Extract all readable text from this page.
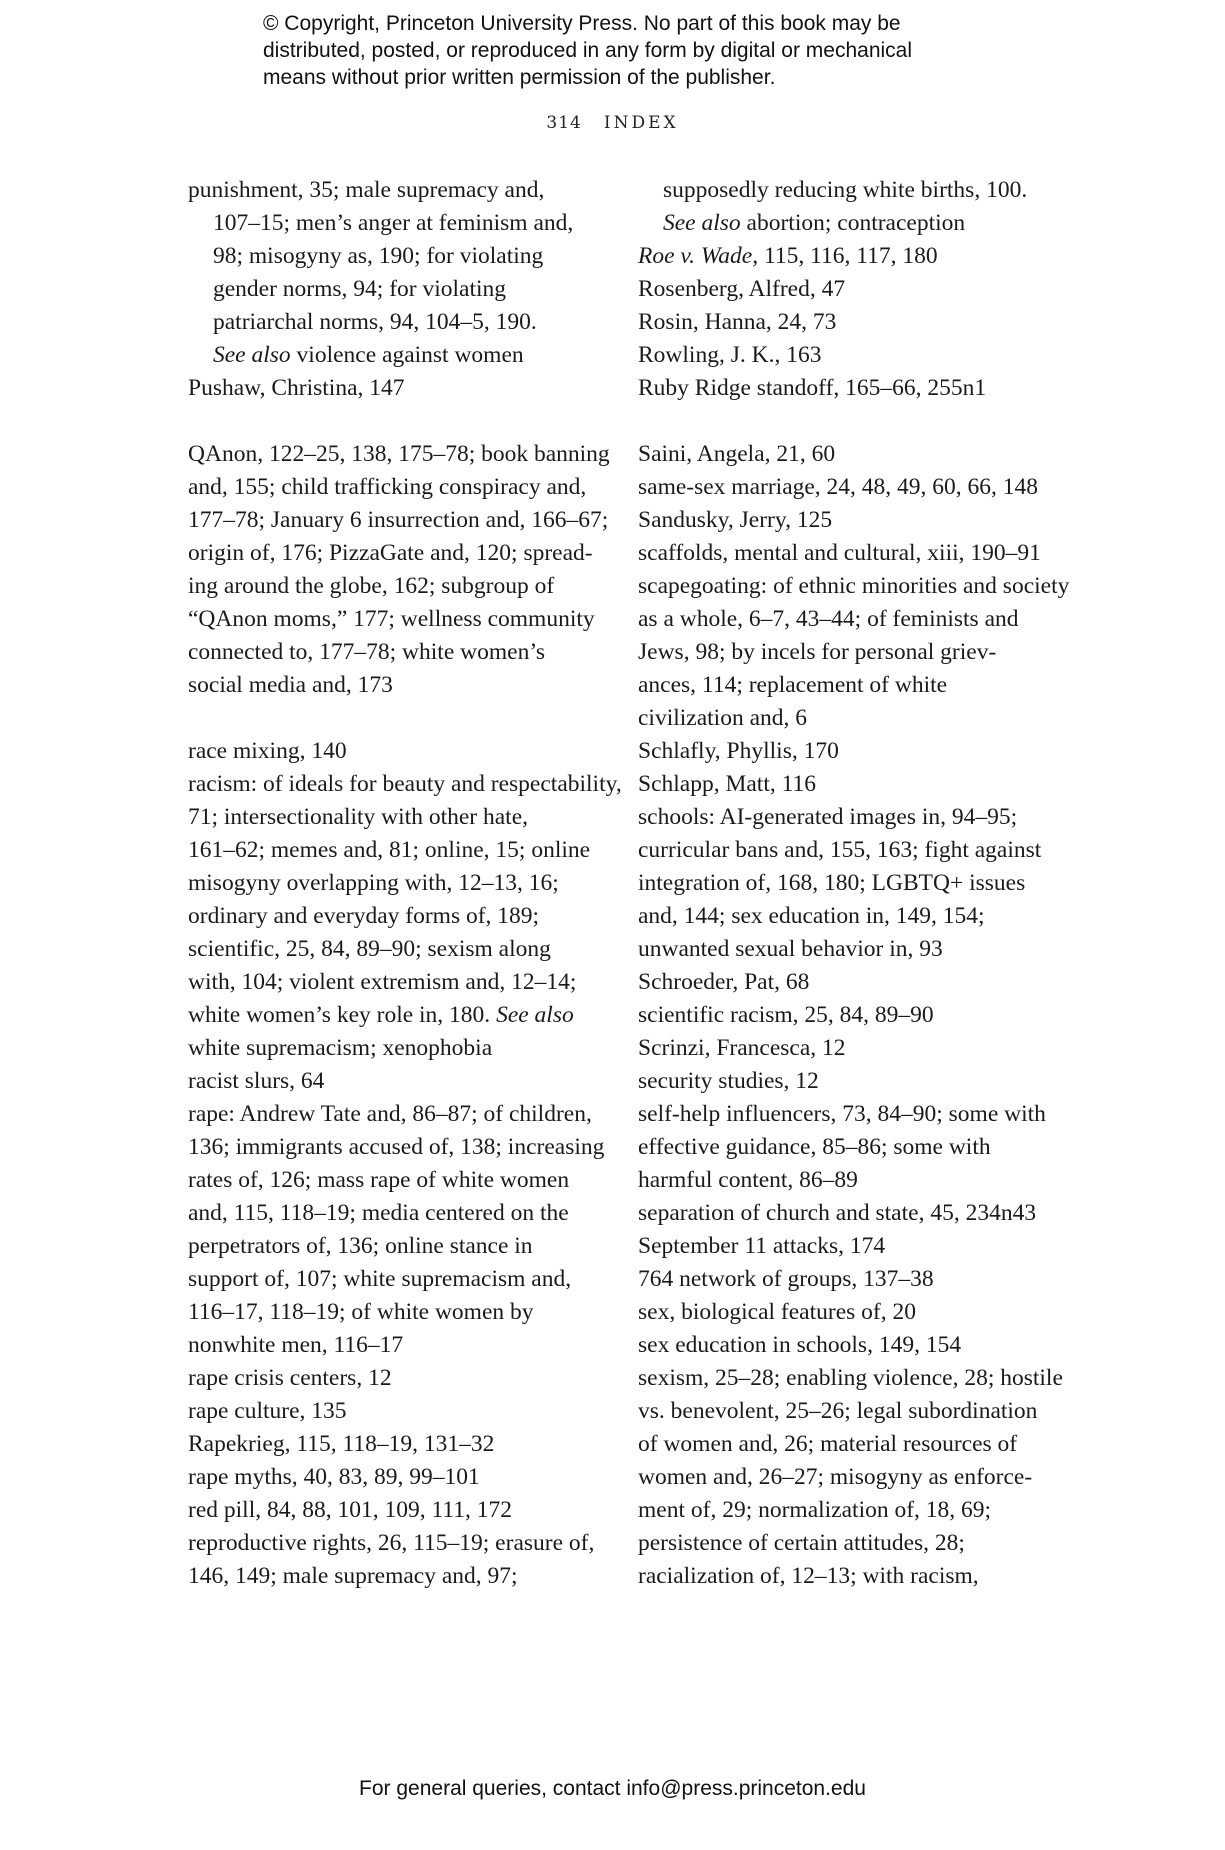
© Copyright, Princeton University Press. No part of this book may be
distributed, posted, or reproduced in any form by digital or mechanical
means without prior written permission of the publisher.
314 INDEX
punishment, 35; male supremacy and,
107–15; men’s anger at feminism and,
98; misogyny as, 190; for violating
gender norms, 94; for violating
patriarchal norms, 94, 104–5, 190.
See also violence against women
Pushaw, Christina, 147
QAnon, 122–25, 138, 175–78; book banning
and, 155; child trafficking conspiracy and,
177–78; January 6 insurrection and, 166–67;
origin of, 176; PizzaGate and, 120; spread-
ing around the globe, 162; subgroup of
“QAnon moms,” 177; wellness community
connected to, 177–78; white women’s
social media and, 173
race mixing, 140
racism: of ideals for beauty and respectability,
71; intersectionality with other hate,
161–62; memes and, 81; online, 15; online
misogyny overlapping with, 12–13, 16;
ordinary and everyday forms of, 189;
scientific, 25, 84, 89–90; sexism along
with, 104; violent extremism and, 12–14;
white women’s key role in, 180. See also
white supremacism; xenophobia
racist slurs, 64
rape: Andrew Tate and, 86–87; of children,
136; immigrants accused of, 138; increasing
rates of, 126; mass rape of white women
and, 115, 118–19; media centered on the
perpetrators of, 136; online stance in
support of, 107; white supremacism and,
116–17, 118–19; of white women by
nonwhite men, 116–17
rape crisis centers, 12
rape culture, 135
Rapekrieg, 115, 118–19, 131–32
rape myths, 40, 83, 89, 99–101
red pill, 84, 88, 101, 109, 111, 172
reproductive rights, 26, 115–19; erasure of,
146, 149; male supremacy and, 97;
supposedly reducing white births, 100.
See also abortion; contraception
Roe v. Wade, 115, 116, 117, 180
Rosenberg, Alfred, 47
Rosin, Hanna, 24, 73
Rowling, J. K., 163
Ruby Ridge standoff, 165–66, 255n1
Saini, Angela, 21, 60
same-sex marriage, 24, 48, 49, 60, 66, 148
Sandusky, Jerry, 125
scaffolds, mental and cultural, xiii, 190–91
scapegoating: of ethnic minorities and society
as a whole, 6–7, 43–44; of feminists and
Jews, 98; by incels for personal griev-
ances, 114; replacement of white
civilization and, 6
Schlafly, Phyllis, 170
Schlapp, Matt, 116
schools: AI-generated images in, 94–95;
curricular bans and, 155, 163; fight against
integration of, 168, 180; LGBTQ+ issues
and, 144; sex education in, 149, 154;
unwanted sexual behavior in, 93
Schroeder, Pat, 68
scientific racism, 25, 84, 89–90
Scrinzi, Francesca, 12
security studies, 12
self-help influencers, 73, 84–90; some with
effective guidance, 85–86; some with
harmful content, 86–89
separation of church and state, 45, 234n43
September 11 attacks, 174
764 network of groups, 137–38
sex, biological features of, 20
sex education in schools, 149, 154
sexism, 25–28; enabling violence, 28; hostile
vs. benevolent, 25–26; legal subordination
of women and, 26; material resources of
women and, 26–27; misogyny as enforce-
ment of, 29; normalization of, 18, 69;
persistence of certain attitudes, 28;
racialization of, 12–13; with racism,
For general queries, contact info@press.princeton.edu
